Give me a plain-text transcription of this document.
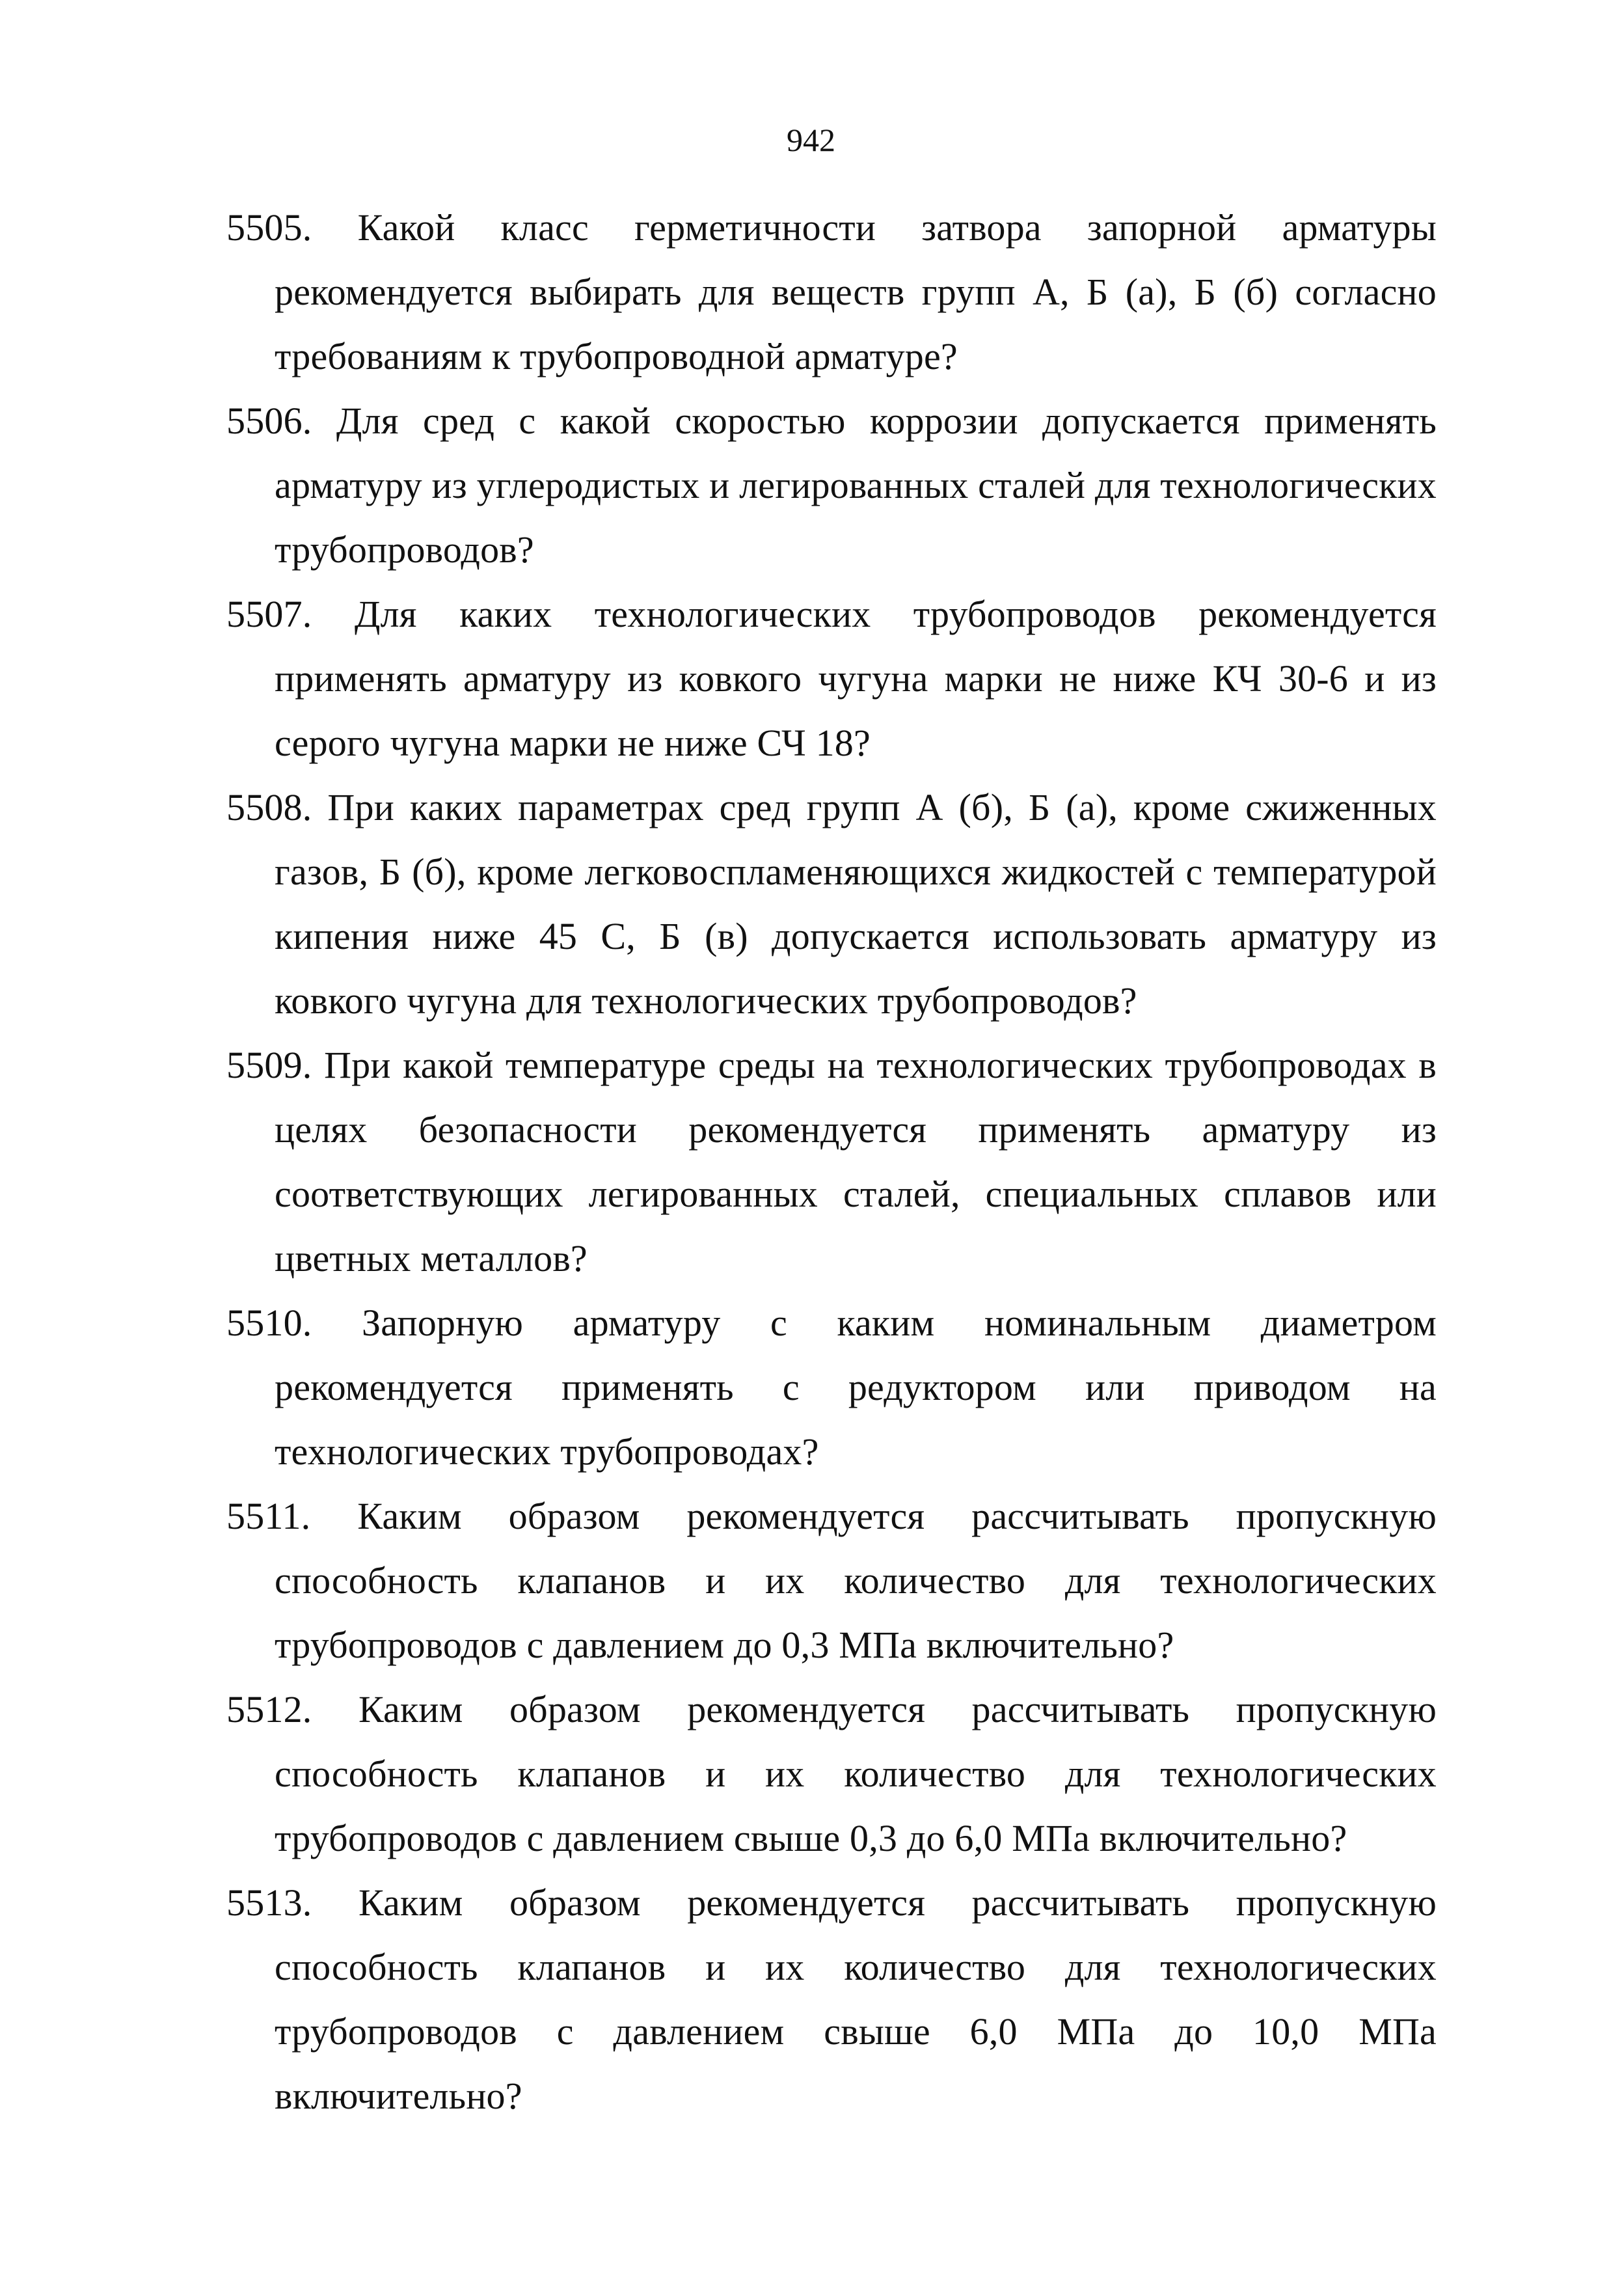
942
5505. Какой класс герметичности затвора запорной арматуры рекомендуется выбирать для веществ групп А, Б (а), Б (б) согласно требованиям к трубопроводной арматуре?
5506. Для сред с какой скоростью коррозии допускается применять арматуру из углеродистых и легированных сталей для технологических трубопроводов?
5507. Для каких технологических трубопроводов рекомендуется применять арматуру из ковкого чугуна марки не ниже КЧ 30-6 и из серого чугуна марки не ниже СЧ 18?
5508. При каких параметрах сред групп А (б), Б (а), кроме сжиженных газов, Б (б), кроме легковоспламеняющихся жидкостей с температурой кипения ниже 45 С, Б (в) допускается использовать арматуру из ковкого чугуна для технологических трубопроводов?
5509. При какой температуре среды на технологических трубопроводах в целях безопасности рекомендуется применять арматуру из соответствующих легированных сталей, специальных сплавов или цветных металлов?
5510. Запорную арматуру с каким номинальным диаметром рекомендуется применять с редуктором или приводом на технологических трубопроводах?
5511. Каким образом рекомендуется рассчитывать пропускную способность клапанов и их количество для технологических трубопроводов с давлением до 0,3 МПа включительно?
5512. Каким образом рекомендуется рассчитывать пропускную способность клапанов и их количество для технологических трубопроводов с давлением свыше 0,3 до 6,0 МПа включительно?
5513. Каким образом рекомендуется рассчитывать пропускную способность клапанов и их количество для технологических трубопроводов с давлением свыше 6,0 МПа до 10,0 МПа включительно?
